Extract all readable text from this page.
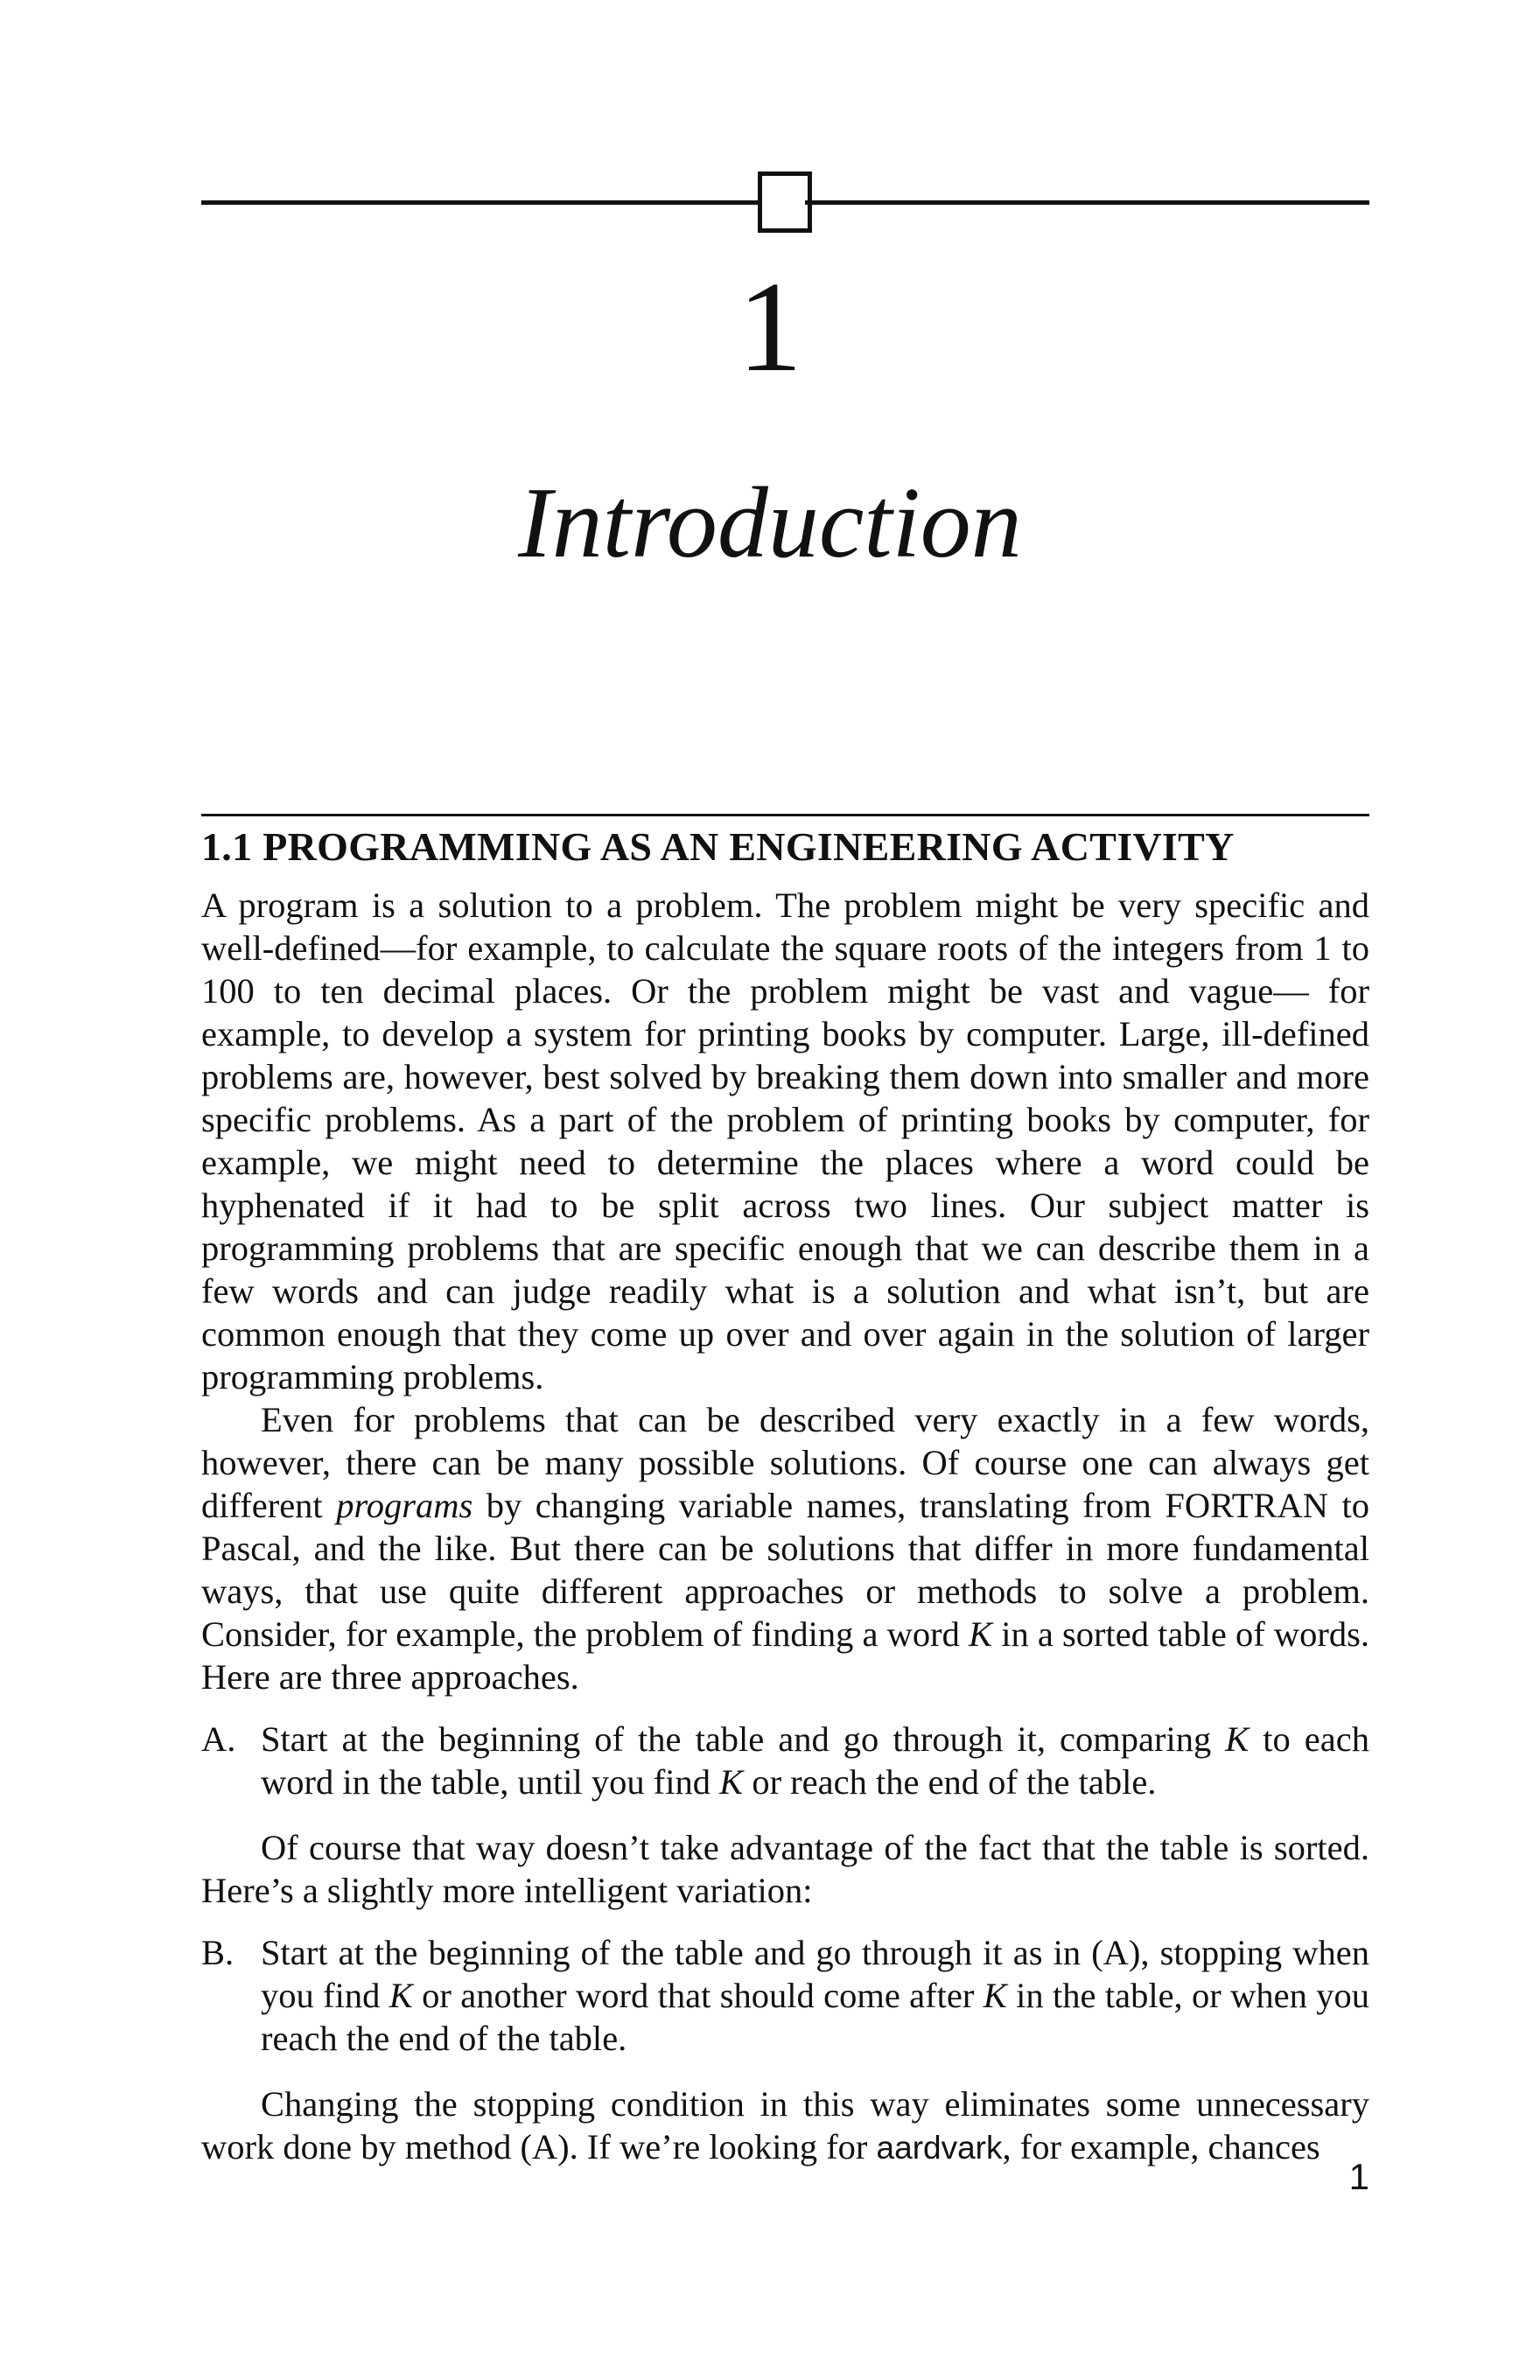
1
Introduction
1.1 PROGRAMMING AS AN ENGINEERING ACTIVITY

A program is a solution to a problem. The problem might be very specific and well-defined—for example, to calculate the square roots of the integers from 1 to 100 to ten decimal places. Or the problem might be vast and vague— for example, to develop a system for printing books by computer. Large, ill-defined problems are, however, best solved by breaking them down into smaller and more specific problems. As a part of the problem of printing books by computer, for example, we might need to determine the places where a word could be hyphenated if it had to be split across two lines. Our subject matter is programming problems that are specific enough that we can describe them in a few words and can judge readily what is a solution and what isn’t, but are common enough that they come up over and over again in the solution of larger programming problems.

Even for problems that can be described very exactly in a few words, however, there can be many possible solutions. Of course one can always get different programs by changing variable names, translating from FORTRAN to Pascal, and the like. But there can be solutions that differ in more fundamental ways, that use quite different approaches or methods to solve a problem. Consider, for example, the problem of finding a word K in a sorted table of words. Here are three approaches.

A. Start at the beginning of the table and go through it, comparing K to each word in the table, until you find K or reach the end of the table.

Of course that way doesn’t take advantage of the fact that the table is sorted. Here’s a slightly more intelligent variation:

B. Start at the beginning of the table and go through it as in (A), stopping when you find K or another word that should come after K in the table, or when you reach the end of the table.

Changing the stopping condition in this way eliminates some unnecessary work done by method (A). If we’re looking for aardvark, for example, chances

1
